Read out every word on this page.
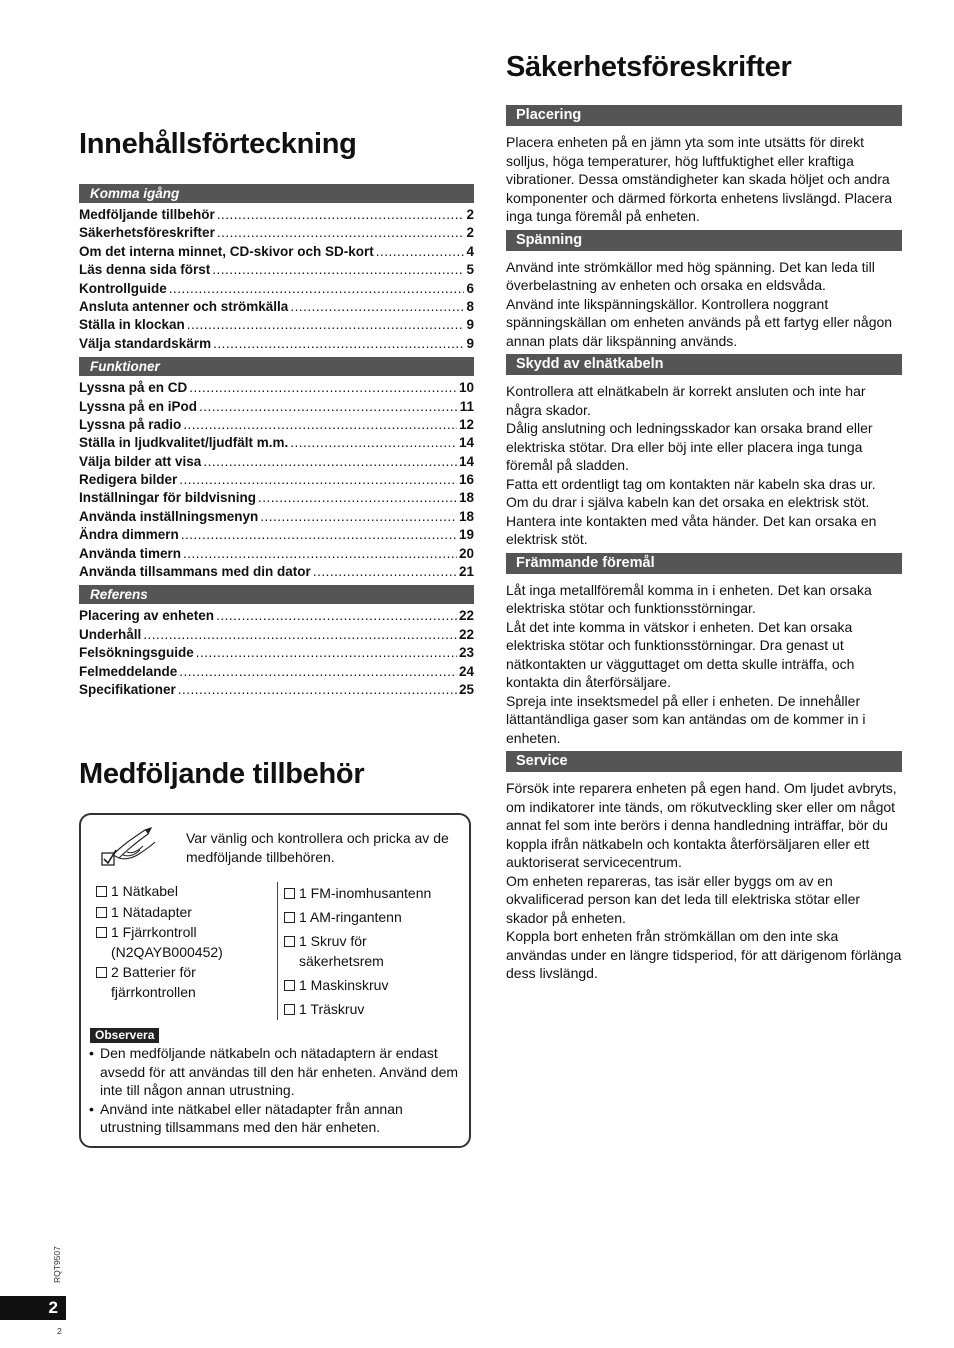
Innehållsförteckning
Komma igång
Medföljande tillbehör .....	2
Säkerhetsföreskrifter .....	2
Om det interna minnet, CD-skivor och SD-kort .....	4
Läs denna sida först .....	5
Kontrollguide .....	6
Ansluta antenner och strömkälla .....	8
Ställa in klockan .....	9
Välja standardskärm .....	9
Funktioner
Lyssna på en CD .....	10
Lyssna på en iPod .....	11
Lyssna på radio .....	12
Ställa in ljudkvalitet/ljudfält m.m. .....	14
Välja bilder att visa .....	14
Redigera bilder .....	16
Inställningar för bildvisning .....	18
Använda inställningsmenyn .....	18
Ändra dimmern .....	19
Använda timern .....	20
Använda tillsammans med din dator .....	21
Referens
Placering av enheten .....	22
Underhåll .....	22
Felsökningsguide .....	23
Felmeddelande .....	24
Specifikationer .....	25
Medföljande tillbehör
Var vänlig och kontrollera och pricka av de medföljande tillbehören.
1 Nätkabel
1 Nätadapter
1 Fjärrkontroll
(N2QAYB000452)
2 Batterier för
fjärrkontrollen
1 FM-inomhusantenn
1 AM-ringantenn
1 Skruv för
säkerhetsrem
1 Maskinskruv
1 Träskruv
Observera
• Den medföljande nätkabeln och nätadaptern är endast avsedd för att användas till den här enheten. Använd dem inte till någon annan utrustning.
• Använd inte nätkabel eller nätadapter från annan utrustning tillsammans med den här enheten.
Säkerhetsföreskrifter
Placering

Placera enheten på en jämn yta som inte utsätts för direkt solljus, höga temperaturer, hög luftfuktighet eller kraftiga vibrationer. Dessa omständigheter kan skada höljet och andra komponenter och därmed förkorta enhetens livslängd. Placera inga tunga föremål på enheten.

Spänning

Använd inte strömkällor med hög spänning. Det kan leda till överbelastning av enheten och orsaka en eldsvåda.

Använd inte likspänningskällor. Kontrollera noggrant spänningskällan om enheten används på ett fartyg eller någon annan plats där likspänning används.

Skydd av elnätkabeln

Kontrollera att elnätkabeln är korrekt ansluten och inte har några skador.

Dålig anslutning och ledningsskador kan orsaka brand eller elektriska stötar. Dra eller böj inte eller placera inga tunga föremål på sladden.

Fatta ett ordentligt tag om kontakten när kabeln ska dras ur. Om du drar i själva kabeln kan det orsaka en elektrisk stöt. Hantera inte kontakten med våta händer. Det kan orsaka en elektrisk stöt.

Främmande föremål

Låt inga metallföremål komma in i enheten. Det kan orsaka elektriska stötar och funktionsstörningar.

Låt det inte komma in vätskor i enheten. Det kan orsaka elektriska stötar och funktionsstörningar. Dra genast ut nätkontakten ur vägguttaget om detta skulle inträffa, och kontakta din återförsäljare.

Spreja inte insektsmedel på eller i enheten. De innehåller lättantändliga gaser som kan antändas om de kommer in i enheten.

Service

Försök inte reparera enheten på egen hand. Om ljudet avbryts, om indikatorer inte tänds, om rökutveckling sker eller om något annat fel som inte berörs i denna handledning inträffar, bör du koppla ifrån nätkabeln och kontakta återförsäljaren eller ett auktoriserat servicecentrum.

Om enheten repareras, tas isär eller byggs om av en okvalificerad person kan det leda till elektriska stötar eller skador på enheten.

Koppla bort enheten från strömkällan om den inte ska användas under en längre tidsperiod, för att därigenom förlänga dess livslängd.

RQT9507
2
2
